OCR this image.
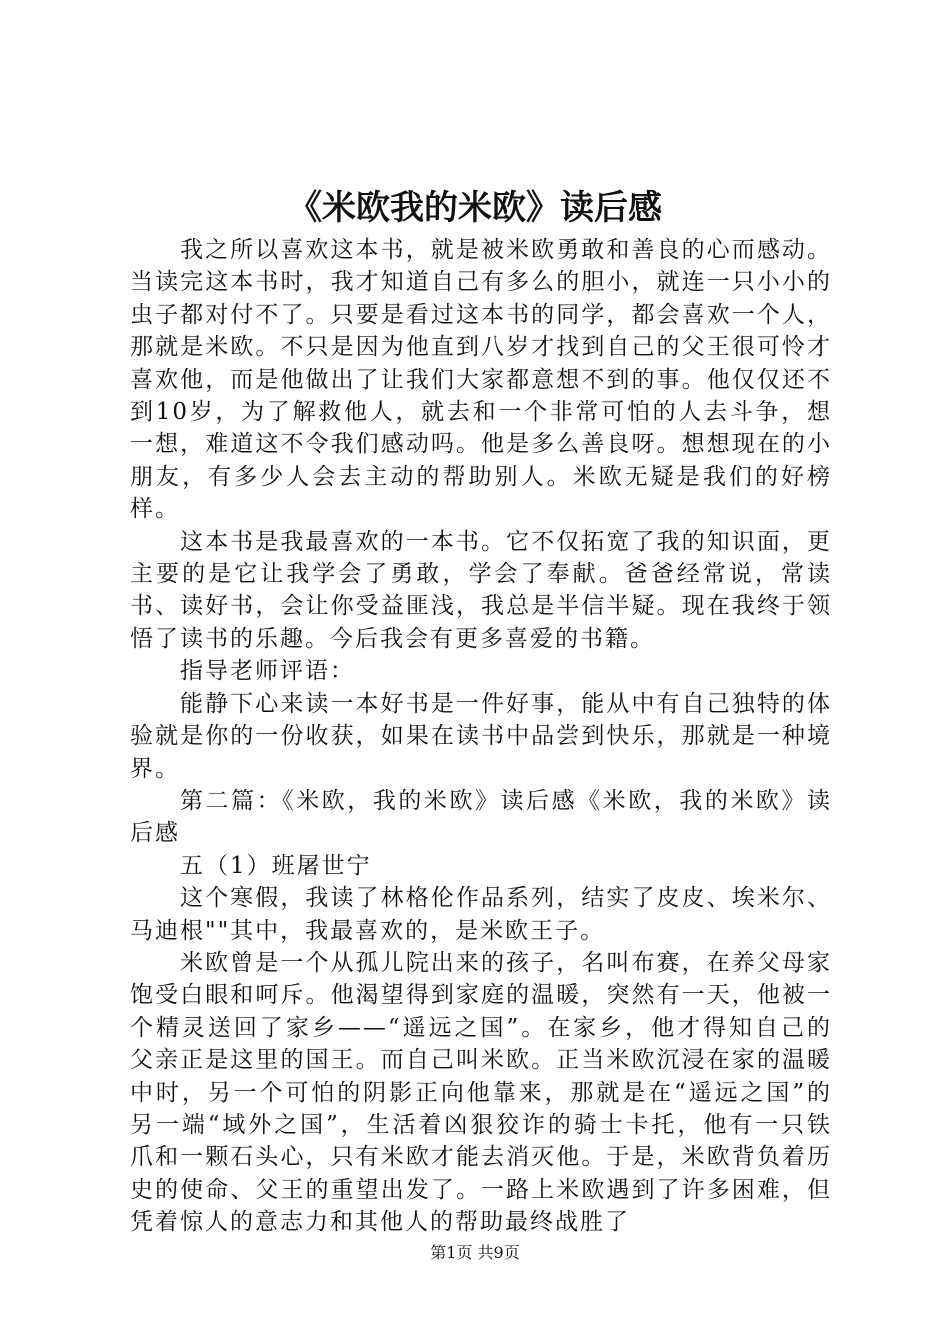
《米欧我的米欧》读后感

我之所以喜欢这本书，就是被米欧勇敢和善良的心而感动。当读完这本书时，我才知道自己有多么的胆小，就连一只小小的虫子都对付不了。只要是看过这本书的同学，都会喜欢一个人，那就是米欧。不只是因为他直到八岁才找到自己的父王很可怜才喜欢他，而是他做出了让我们大家都意想不到的事。他仅仅还不到10岁，为了解救他人，就去和一个非常可怕的人去斗争，想一想，难道这不令我们感动吗。他是多么善良呀。想想现在的小朋友，有多少人会去主动的帮助别人。米欧无疑是我们的好榜样。

这本书是我最喜欢的一本书。它不仅拓宽了我的知识面，更主要的是它让我学会了勇敢，学会了奉献。爸爸经常说，常读书、读好书，会让你受益匪浅，我总是半信半疑。现在我终于领悟了读书的乐趣。今后我会有更多喜爱的书籍。

指导老师评语：

能静下心来读一本好书是一件好事，能从中有自己独特的体验就是你的一份收获，如果在读书中品尝到快乐，那就是一种境界。

第二篇：《米欧，我的米欧》读后感《米欧，我的米欧》读后感

五（1）班屠世宁

这个寒假，我读了林格伦作品系列，结实了皮皮、埃米尔、马迪根""其中，我最喜欢的，是米欧王子。

米欧曾是一个从孤儿院出来的孩子，名叫布赛，在养父母家饱受白眼和呵斥。他渴望得到家庭的温暖，突然有一天，他被一个精灵送回了家乡——“遥远之国”。在家乡，他才得知自己的父亲正是这里的国王。而自己叫米欧。正当米欧沉浸在家的温暖中时，另一个可怕的阴影正向他靠来，那就是在“遥远之国”的另一端“域外之国”，生活着凶狠狡诈的骑士卡托，他有一只铁爪和一颗石头心，只有米欧才能去消灭他。于是，米欧背负着历史的使命、父王的重望出发了。一路上米欧遇到了许多困难，但凭着惊人的意志力和其他人的帮助最终战胜了

第1页 共9页
